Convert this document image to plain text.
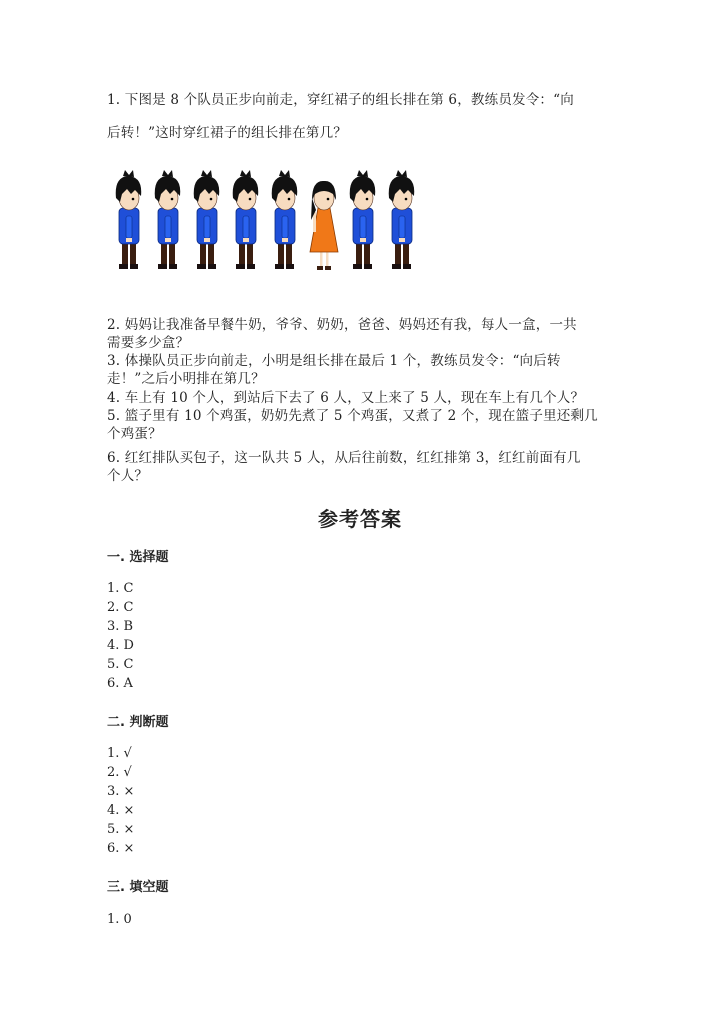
1. 下图是 8 个队员正步向前走，穿红裙子的组长排在第 6，教练员发令：“向
后转！”这时穿红裙子的组长排在第几？
2. 妈妈让我准备早餐牛奶，爷爷、奶奶，爸爸、妈妈还有我，每人一盒，一共
需要多少盒？
3. 体操队员正步向前走，小明是组长排在最后 1 个，教练员发令：“向后转
走！”之后小明排在第几？
4. 车上有 10 个人，到站后下去了 6 人，又上来了 5 人，现在车上有几个人？
5. 篮子里有 10 个鸡蛋，奶奶先煮了 5 个鸡蛋，又煮了 2 个，现在篮子里还剩几
个鸡蛋？
6. 红红排队买包子，这一队共 5 人，从后往前数，红红排第 3，红红前面有几
个人？
参考答案
一. 选择题
1. C
2. C
3. B
4. D
5. C
6. A
二. 判断题
1. √
2. √
3. ×
4. ×
5. ×
6. ×
三. 填空题
1. 0
